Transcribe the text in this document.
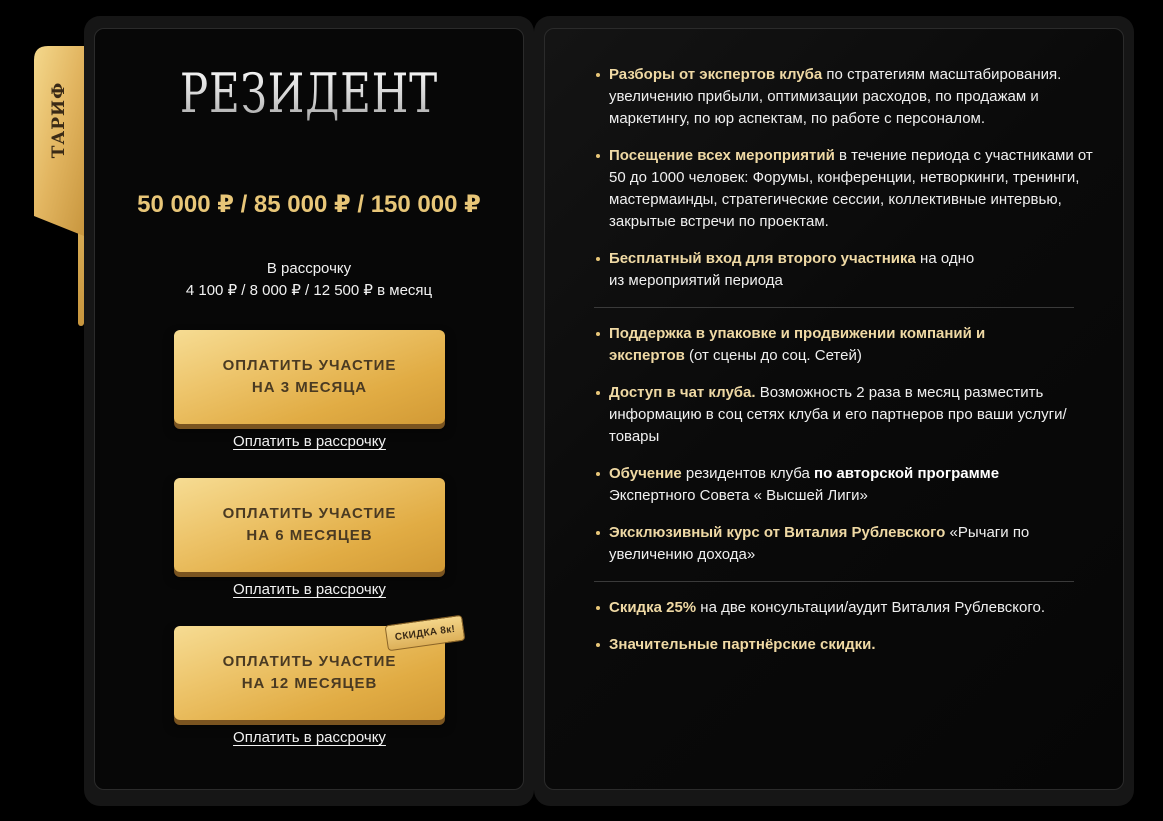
ТАРИФ	РЕЗИДЕНТ
50 000 ₽ / 85 000 ₽ / 150 000 ₽
В рассрочку
4 100 ₽ / 8 000 ₽ / 12 500 ₽ в месяц
ОПЛАТИТЬ УЧАСТИЕ
НА 3 МЕСЯЦА
Оплатить в рассрочку
ОПЛАТИТЬ УЧАСТИЕ
НА 6 МЕСЯЦЕВ
Оплатить в рассрочку
ОПЛАТИТЬ УЧАСТИЕ
НА 12 МЕСЯЦЕВ
СКИДКА 8к!
Оплатить в рассрочку
Разборы от экспертов клуба по стратегиям масштабирования. увеличению прибыли, оптимизации расходов, по продажам и маркетингу, по юр аспектам, по работе с персоналом.
Посещение всех мероприятий в течение периода с участниками от 50 до 1000 человек: Форумы, конференции, нетворкинги, тренинги, мастермаинды, стратегические сессии, коллективные интервью, закрытые встречи по проектам.
Бесплатный вход для второго участника на одно из мероприятий периода
Поддержка в упаковке и продвижении компаний и экспертов (от сцены до соц. Сетей)
Доступ в чат клуба. Возможность 2 раза в месяц разместить информацию в соц сетях клуба и его партнеров про ваши услуги/товары
Обучение резидентов клуба по авторской программе Экспертного Совета « Высшей Лиги»
Эксклюзивный курс от Виталия Рублевского «Рычаги по увеличению дохода»
Скидка 25% на две консультации/аудит Виталия Рублевского.
Значительные партнёрские скидки.
